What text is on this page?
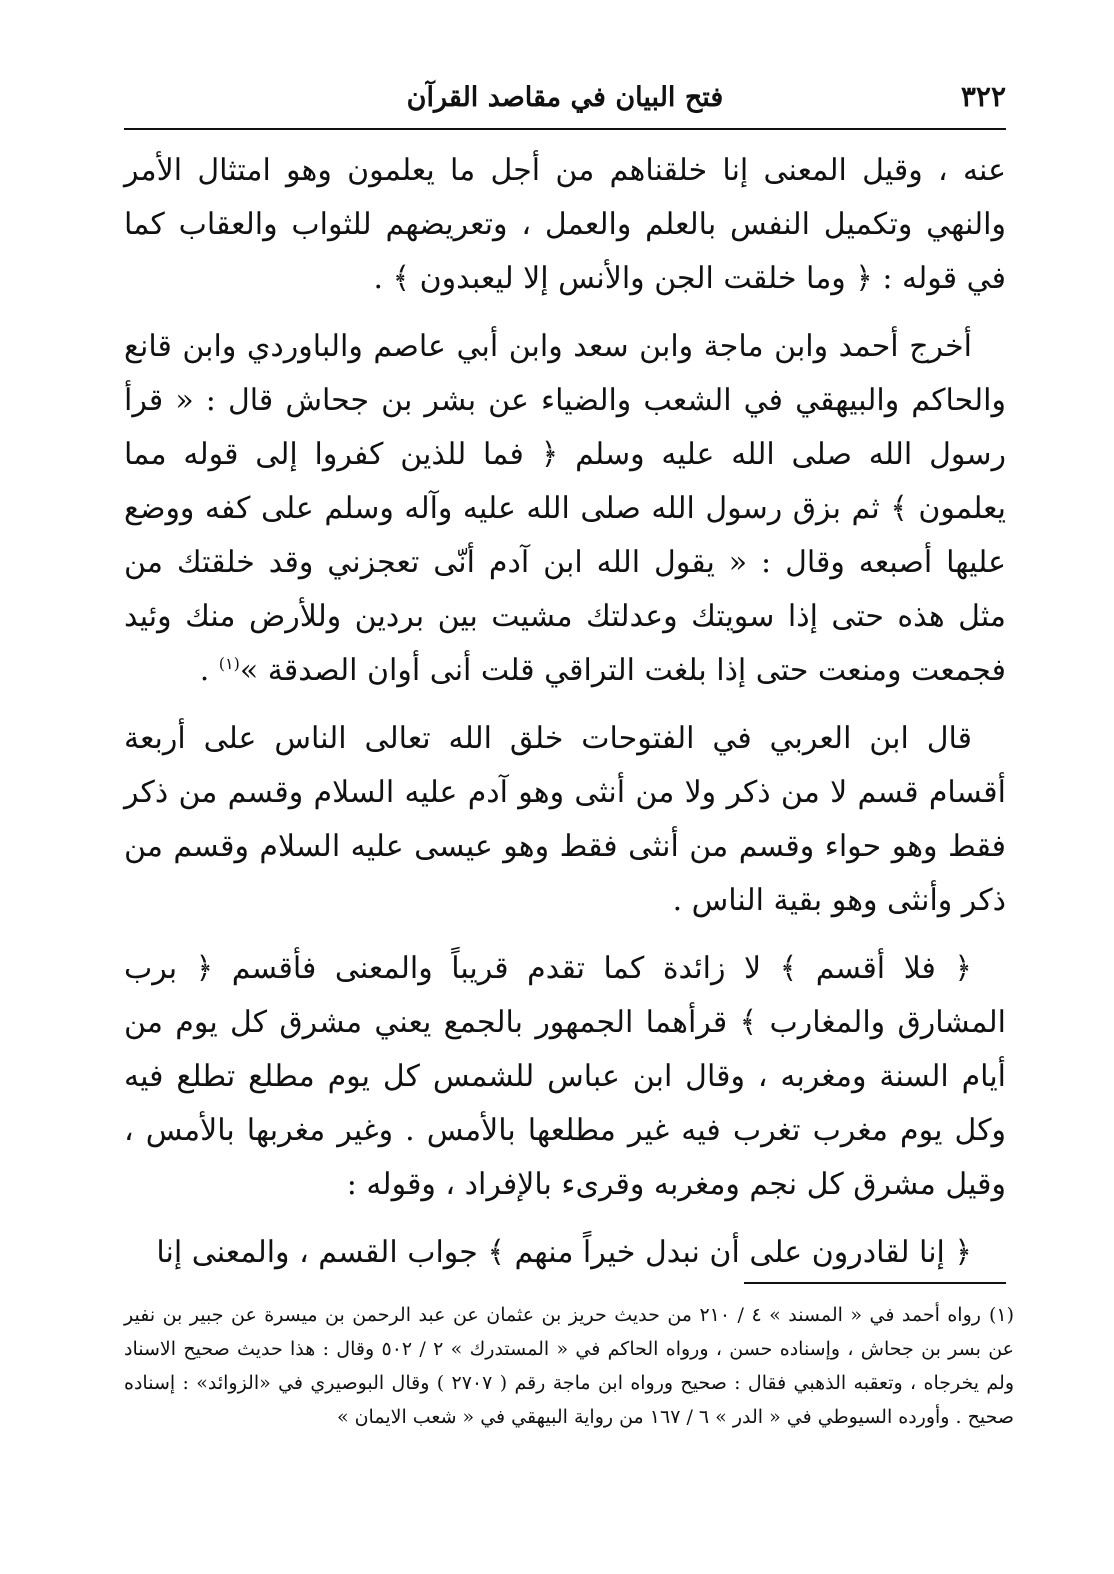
٣٢٢
فتح البيان في مقاصد القرآن

عنه ، وقيل المعنى إنا خلقناهم من أجل ما يعلمون وهو امتثال الأمر والنهي وتكميل النفس بالعلم والعمل ، وتعريضهم للثواب والعقاب كما في قوله : ﴿ وما خلقت الجن والأنس إلا ليعبدون ﴾ .

أخرج أحمد وابن ماجة وابن سعد وابن أبي عاصم والباوردي وابن قانع والحاكم والبيهقي في الشعب والضياء عن بشر بن جحاش قال : « قرأ رسول الله صلى الله عليه وسلم ﴿ فما للذين كفروا إلى قوله مما يعلمون ﴾ ثم بزق رسول الله صلى الله عليه وآله وسلم على كفه ووضع عليها أصبعه وقال : « يقول الله ابن آدم أنّى تعجزني وقد خلقتك من مثل هذه حتى إذا سويتك وعدلتك مشيت بين بردين وللأرض منك وئيد فجمعت ومنعت حتى إذا بلغت التراقي قلت أنى أوان الصدقة »$^{(١)}$ .

قال ابن العربي في الفتوحات خلق الله تعالى الناس على أربعة أقسام قسم لا من ذكر ولا من أنثى وهو آدم عليه السلام وقسم من ذكر فقط وهو حواء وقسم من أنثى فقط وهو عيسى عليه السلام وقسم من ذكر وأنثى وهو بقية الناس .

﴿ فلا أقسم ﴾ لا زائدة كما تقدم قريباً والمعنى فأقسم ﴿ برب المشارق والمغارب ﴾ قرأهما الجمهور بالجمع يعني مشرق كل يوم من أيام السنة ومغربه ، وقال ابن عباس للشمس كل يوم مطلع تطلع فيه وكل يوم مغرب تغرب فيه غير مطلعها بالأمس . وغير مغربها بالأمس ، وقيل مشرق كل نجم ومغربه وقرىء بالإفراد ، وقوله :

﴿ إنا لقادرون على أن نبدل خيراً منهم ﴾ جواب القسم ، والمعنى إنا

(١)رواه أحمد في « المسند » ٤ / ٢١٠ من حديث حريز بن عثمان عن عبد الرحمن بن ميسرة عن جبير بن نفير عن بسر بن جحاش ، وإسناده حسن ، ورواه الحاكم في « المستدرك » ٢ / ٥٠٢ وقال : هذا حديث صحيح الاسناد ولم يخرجاه ، وتعقبه الذهبي فقال : صحيح ورواه ابن ماجة رقم ( ٢٧٠٧ ) وقال البوصيري في «الزوائد» : إسناده صحيح . وأورده السيوطي في « الدر » ٦ / ١٦٧ من رواية البيهقي في « شعب الايمان »
